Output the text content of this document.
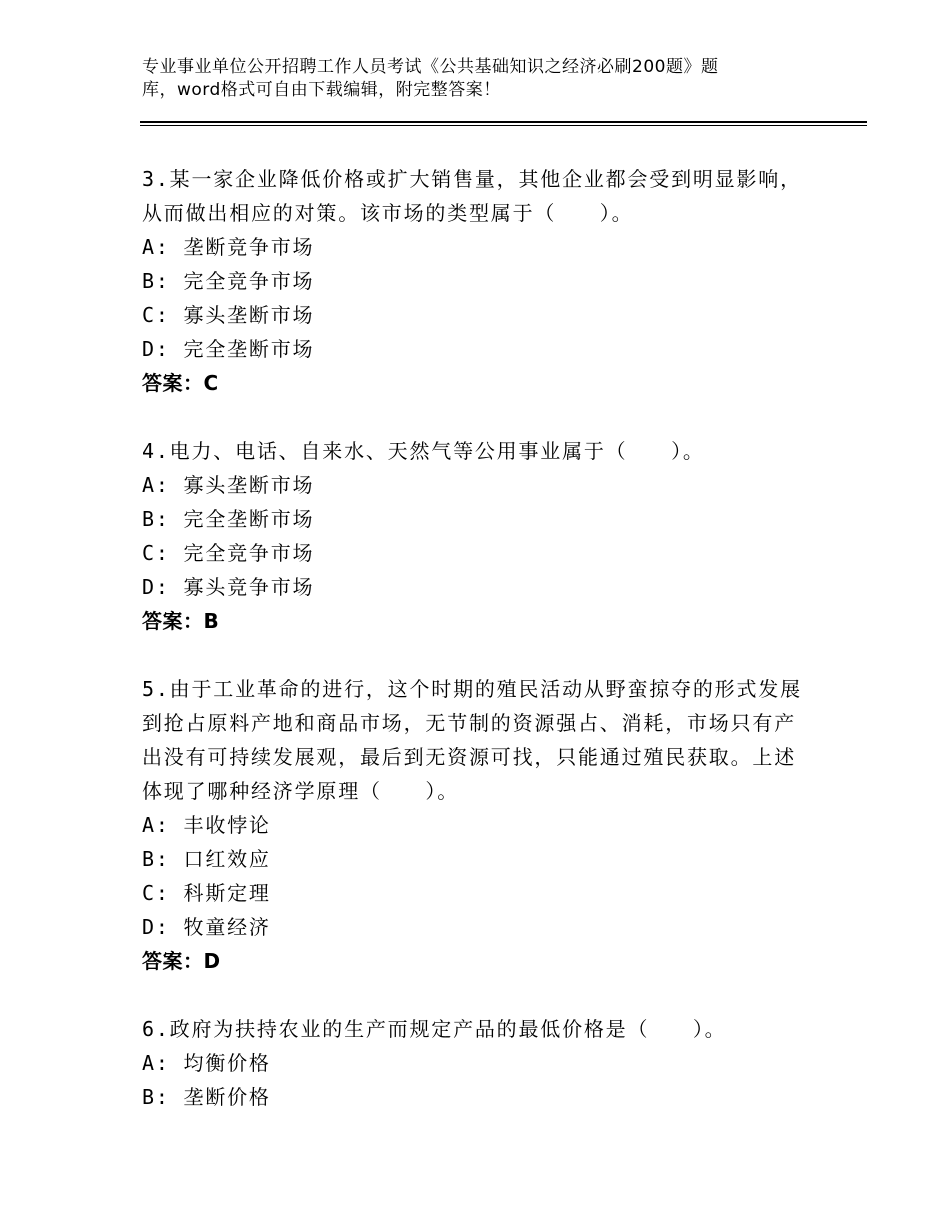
专业事业单位公开招聘工作人员考试《公共基础知识之经济必刷200题》题
库，word格式可自由下载编辑，附完整答案！
3.某一家企业降低价格或扩大销售量，其他企业都会受到明显影响，从而做出相应的对策。该市场的类型属于（　　）。
A: 垄断竞争市场
B: 完全竞争市场
C: 寡头垄断市场
D: 完全垄断市场
答案：C
4.电力、电话、自来水、天然气等公用事业属于（　　）。
A: 寡头垄断市场
B: 完全垄断市场
C: 完全竞争市场
D: 寡头竞争市场
答案：B
5.由于工业革命的进行，这个时期的殖民活动从野蛮掠夺的形式发展到抢占原料产地和商品市场，无节制的资源强占、消耗，市场只有产出没有可持续发展观，最后到无资源可找，只能通过殖民获取。上述体现了哪种经济学原理（　　）。
A: 丰收悖论
B: 口红效应
C: 科斯定理
D: 牧童经济
答案：D
6.政府为扶持农业的生产而规定产品的最低价格是（　　）。
A: 均衡价格
B: 垄断价格
